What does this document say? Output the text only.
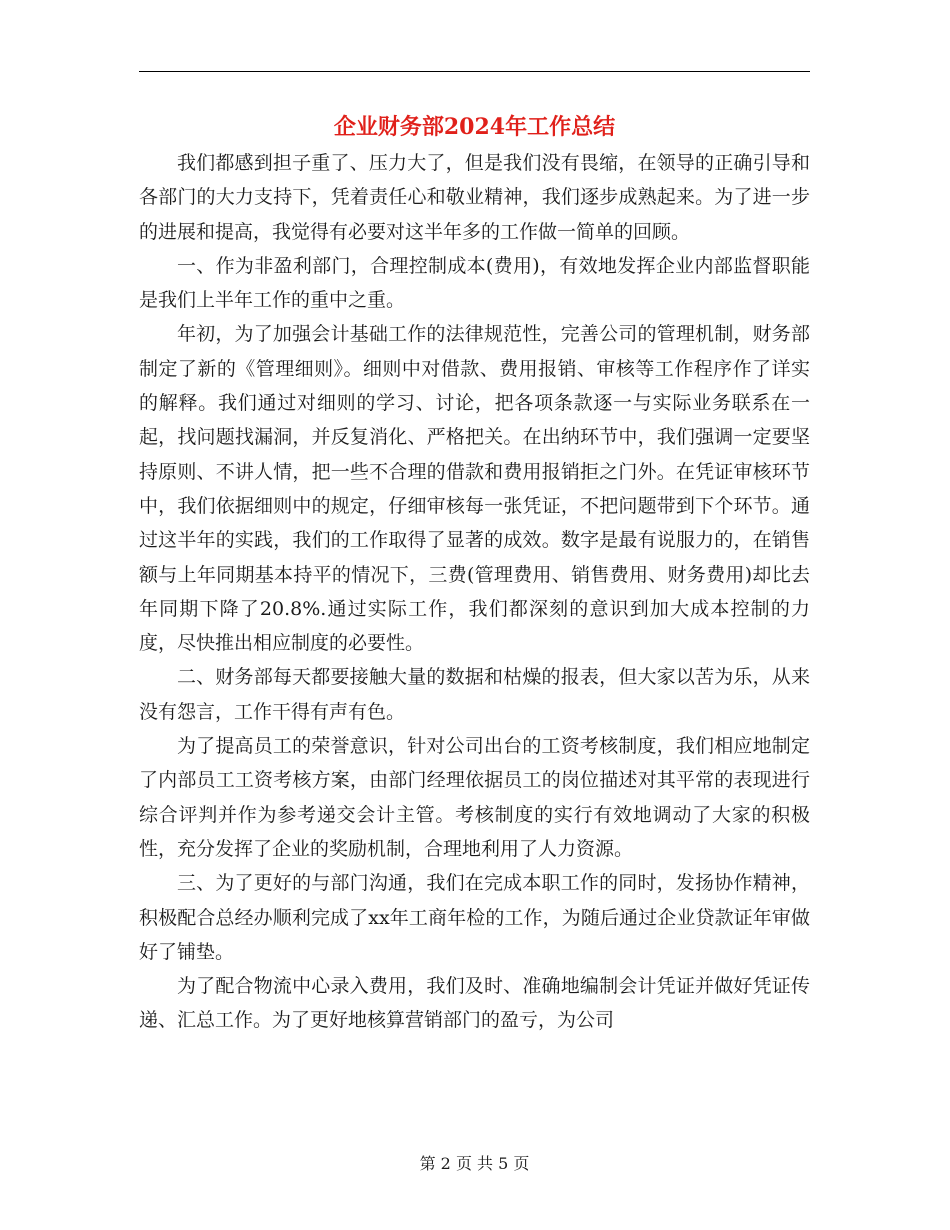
企业财务部2024年工作总结

我们都感到担子重了、压力大了，但是我们没有畏缩，在领导的正确引导和各部门的大力支持下，凭着责任心和敬业精神，我们逐步成熟起来。为了进一步的进展和提高，我觉得有必要对这半年多的工作做一简单的回顾。

一、作为非盈利部门，合理控制成本(费用)，有效地发挥企业内部监督职能是我们上半年工作的重中之重。

年初，为了加强会计基础工作的法律规范性，完善公司的管理机制，财务部制定了新的《管理细则》。细则中对借款、费用报销、审核等工作程序作了详实的解释。我们通过对细则的学习、讨论，把各项条款逐一与实际业务联系在一起，找问题找漏洞，并反复消化、严格把关。在出纳环节中，我们强调一定要坚持原则、不讲人情，把一些不合理的借款和费用报销拒之门外。在凭证审核环节中，我们依据细则中的规定，仔细审核每一张凭证，不把问题带到下个环节。通过这半年的实践，我们的工作取得了显著的成效。数字是最有说服力的，在销售额与上年同期基本持平的情况下，三费(管理费用、销售费用、财务费用)却比去年同期下降了20.8%.通过实际工作，我们都深刻的意识到加大成本控制的力度，尽快推出相应制度的必要性。

二、财务部每天都要接触大量的数据和枯燥的报表，但大家以苦为乐，从来没有怨言，工作干得有声有色。

为了提高员工的荣誉意识，针对公司出台的工资考核制度，我们相应地制定了内部员工工资考核方案，由部门经理依据员工的岗位描述对其平常的表现进行综合评判并作为参考递交会计主管。考核制度的实行有效地调动了大家的积极性，充分发挥了企业的奖励机制，合理地利用了人力资源。

三、为了更好的与部门沟通，我们在完成本职工作的同时，发扬协作精神，积极配合总经办顺利完成了xx年工商年检的工作，为随后通过企业贷款证年审做好了铺垫。

为了配合物流中心录入费用，我们及时、准确地编制会计凭证并做好凭证传递、汇总工作。为了更好地核算营销部门的盈亏，为公司

第 2 页 共 5 页
